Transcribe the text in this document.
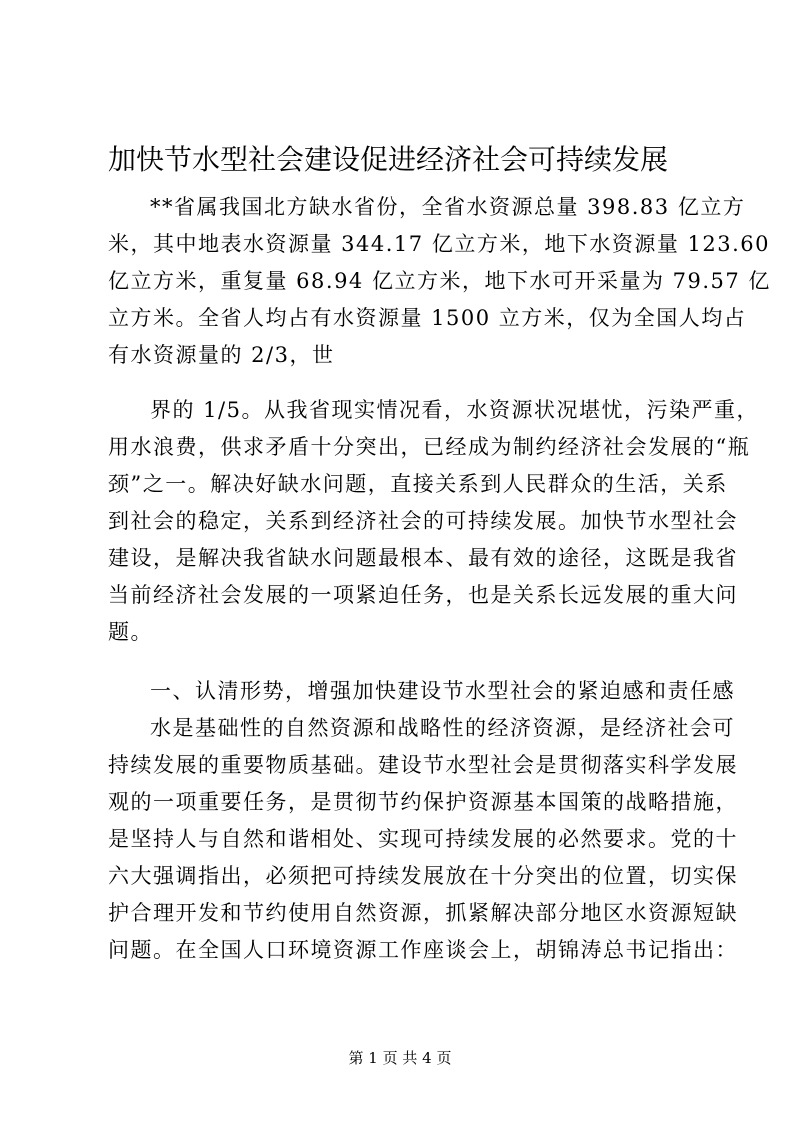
加快节水型社会建设促进经济社会可持续发展
**省属我国北方缺水省份，全省水资源总量 398.83 亿立方
米，其中地表水资源量 344.17 亿立方米，地下水资源量 123.60
亿立方米，重复量 68.94 亿立方米，地下水可开采量为 79.57 亿
立方米。全省人均占有水资源量 1500 立方米，仅为全国人均占
有水资源量的 2/3，世
界的 1/5。从我省现实情况看，水资源状况堪忧，污染严重，
用水浪费，供求矛盾十分突出，已经成为制约经济社会发展的“瓶
颈”之一。解决好缺水问题，直接关系到人民群众的生活，关系
到社会的稳定，关系到经济社会的可持续发展。加快节水型社会
建设，是解决我省缺水问题最根本、最有效的途径，这既是我省
当前经济社会发展的一项紧迫任务，也是关系长远发展的重大问
题。
一、认清形势，增强加快建设节水型社会的紧迫感和责任感
水是基础性的自然资源和战略性的经济资源，是经济社会可
持续发展的重要物质基础。建设节水型社会是贯彻落实科学发展
观的一项重要任务，是贯彻节约保护资源基本国策的战略措施，
是坚持人与自然和谐相处、实现可持续发展的必然要求。党的十
六大强调指出，必须把可持续发展放在十分突出的位置，切实保
护合理开发和节约使用自然资源，抓紧解决部分地区水资源短缺
问题。在全国人口环境资源工作座谈会上，胡锦涛总书记指出：
第 1 页 共 4 页
